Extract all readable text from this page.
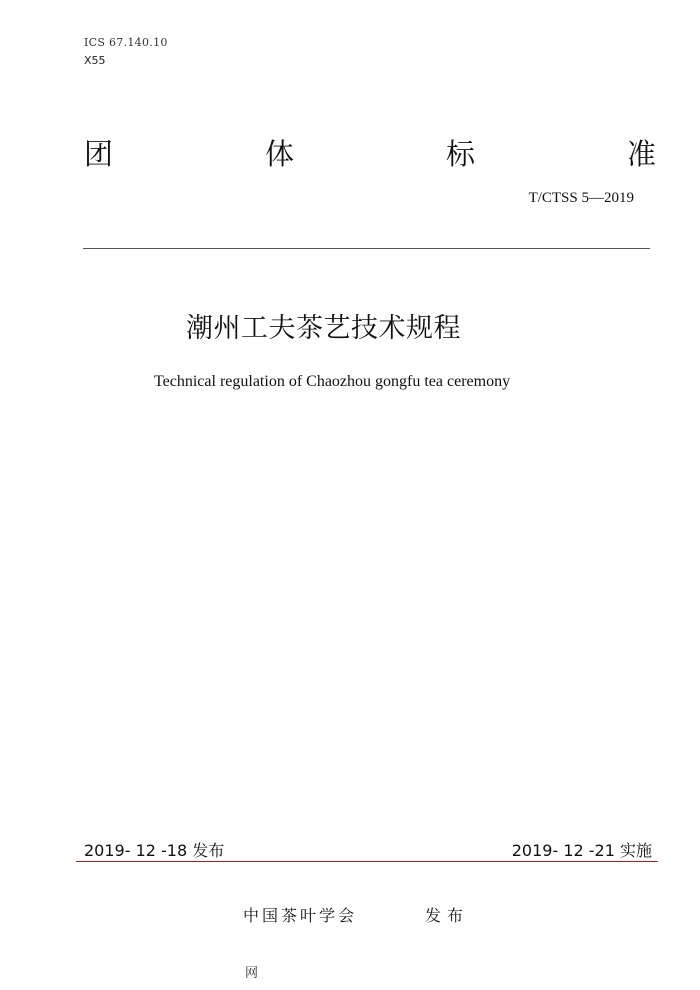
ICS 67.140.10
X55
团	体	标	准
T/CTSS 5—2019
潮州工夫茶艺技术规程
Technical regulation of Chaozhou gongfu tea ceremony
2019- 12 -18 发布	2019- 12 -21 实施
中国茶叶学会	发布
网
